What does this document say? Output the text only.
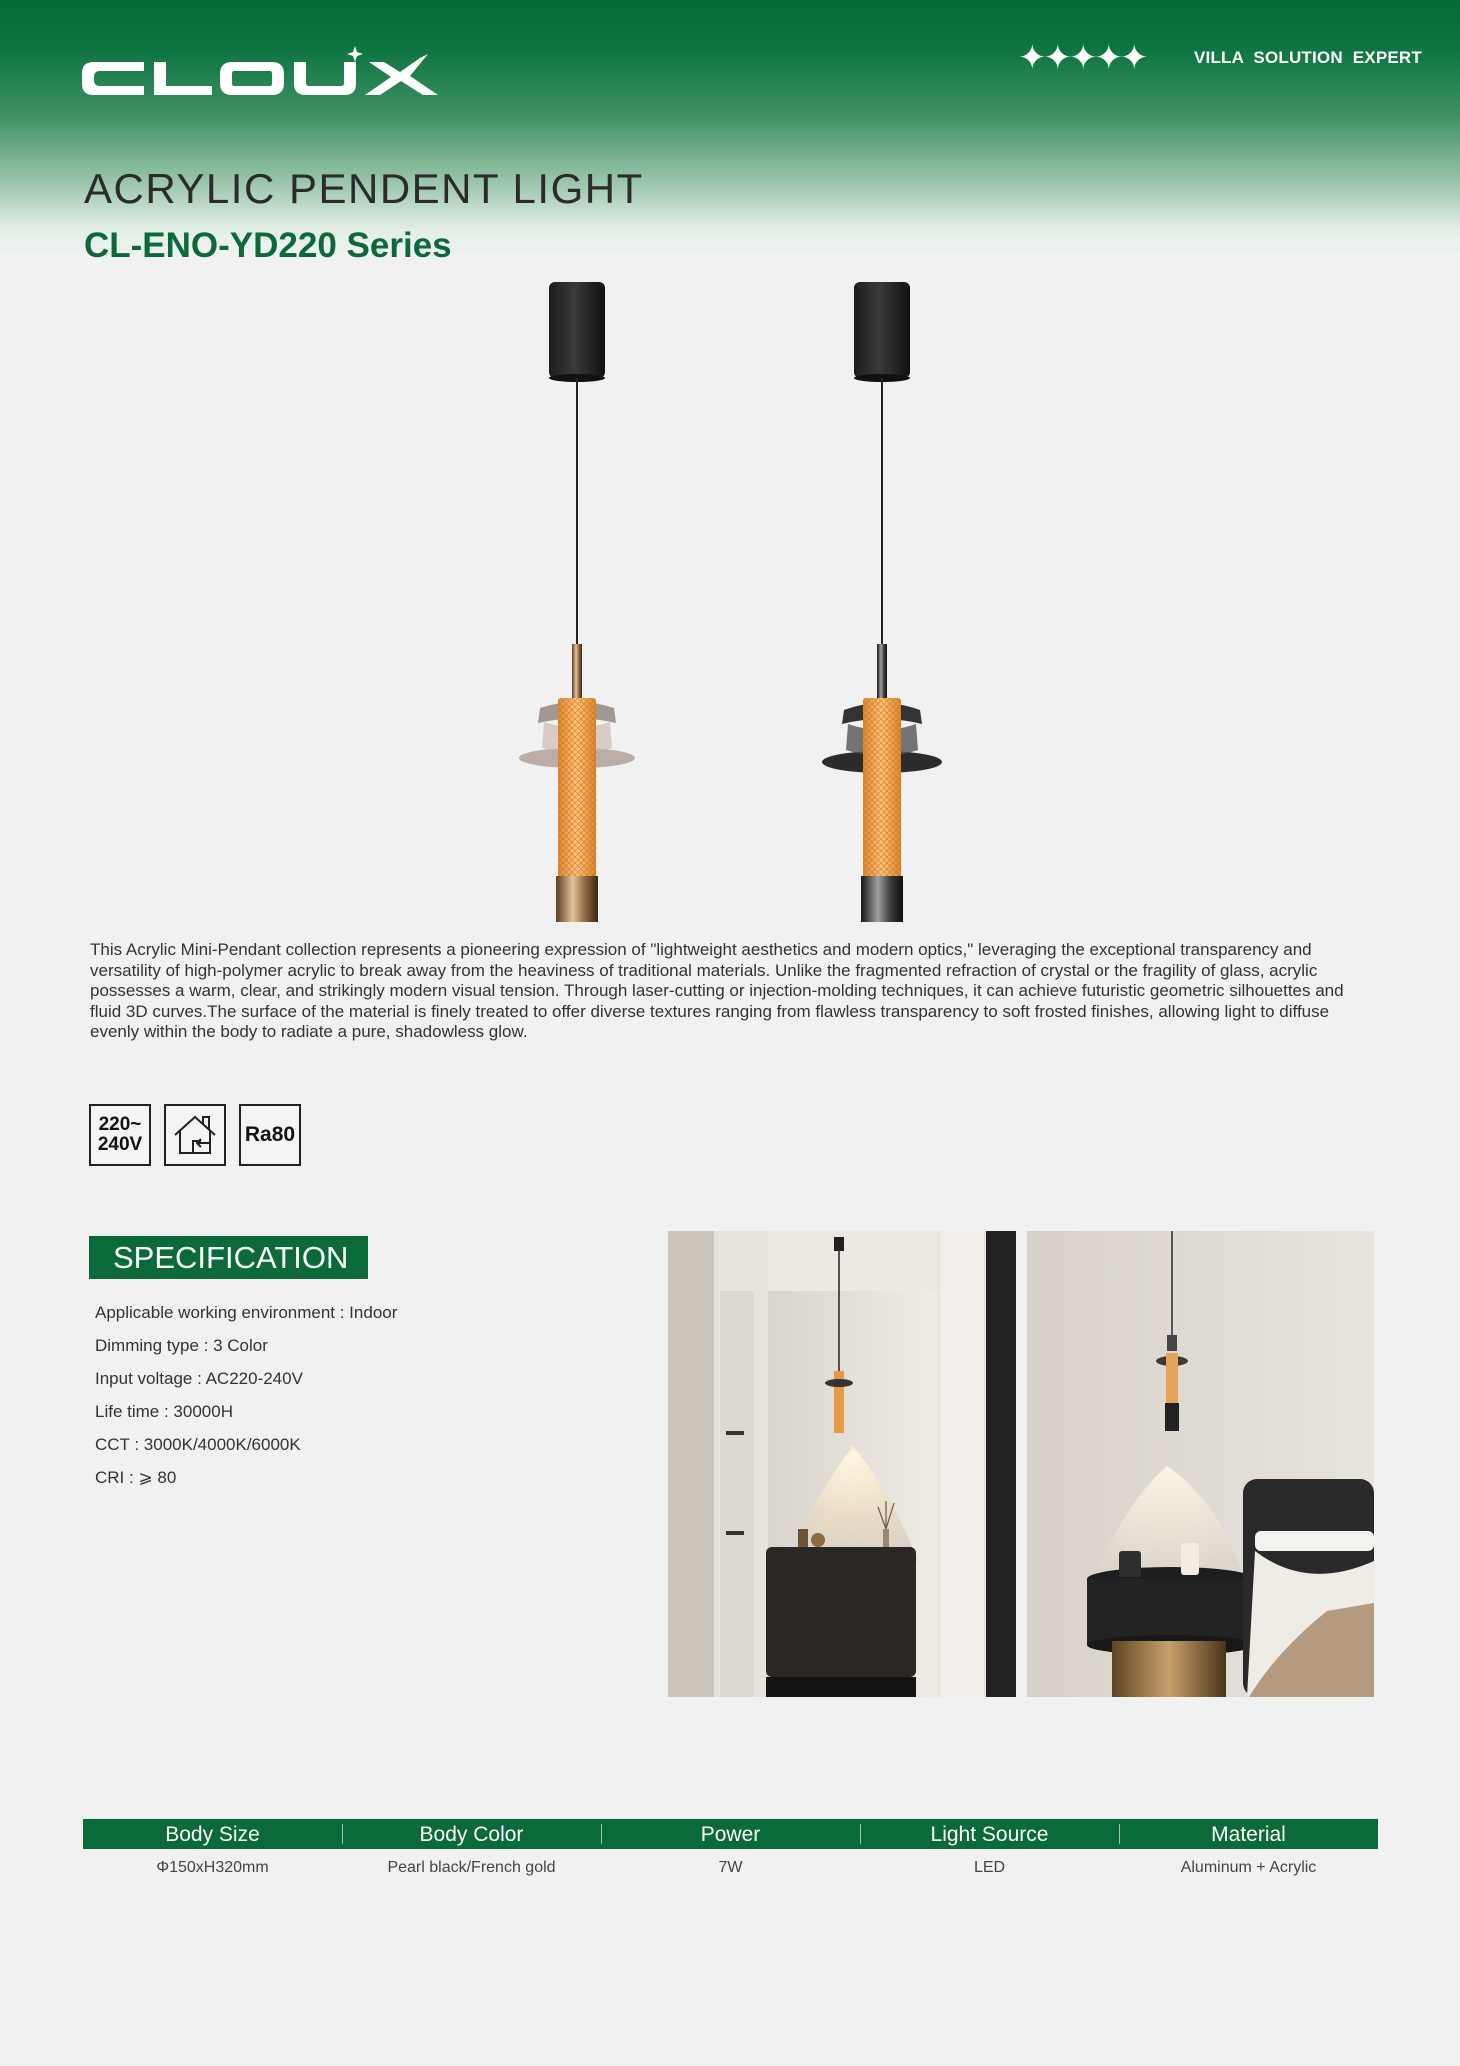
✦✦✦✦✦	VILLA SOLUTION EXPERT
ACRYLIC PENDENT LIGHT
CL-ENO-YD220 Series

This Acrylic Mini-Pendant collection represents a pioneering expression of "lightweight aesthetics and modern optics," leveraging the exceptional transparency and versatility of high-polymer acrylic to break away from the heaviness of traditional materials. Unlike the fragmented refraction of crystal or the fragility of glass, acrylic possesses a warm, clear, and strikingly modern visual tension. Through laser-cutting or injection-molding techniques, it can achieve futuristic geometric silhouettes and fluid 3D curves.The surface of the material is finely treated to offer diverse textures ranging from flawless transparency to soft frosted finishes, allowing light to diffuse evenly within the body to radiate a pure, shadowless glow.

220~
240V	Ra80
SPECIFICATION
Applicable working environment : Indoor
Dimming type : 3 Color
Input voltage : AC220-240V
Life time : 30000H
CCT : 3000K/4000K/6000K
CRI : ⩾ 80
Body Size	Body Color	Power	Light Source	Material
Φ150xH320mm	Pearl black/French gold	7W	LED	Aluminum + Acrylic
